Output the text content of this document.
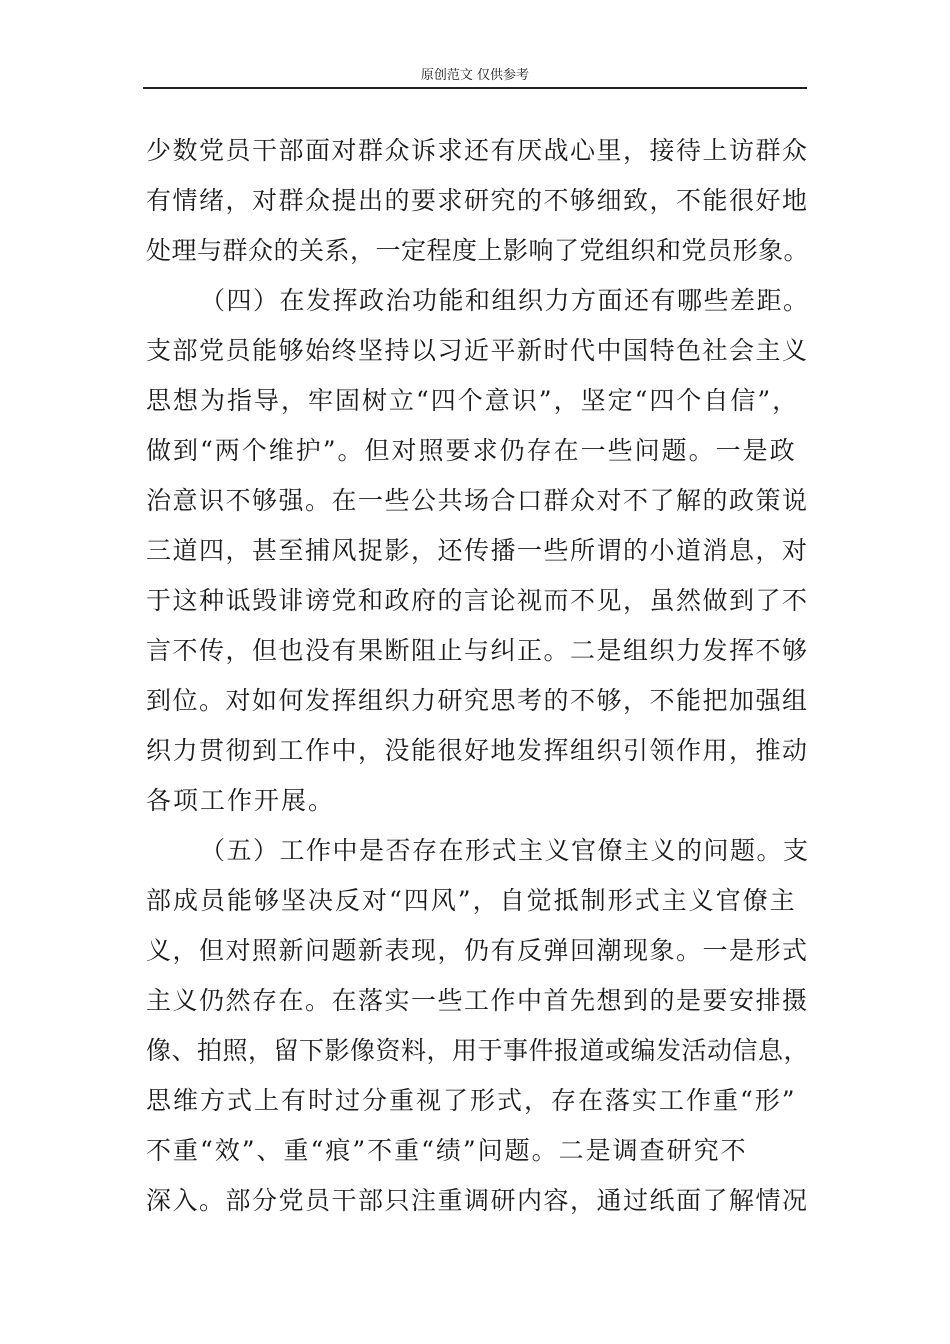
原创范文 仅供参考
少数党员干部面对群众诉求还有厌战心里，接待上访群众
有情绪，对群众提出的要求研究的不够细致，不能很好地
处理与群众的关系，一定程度上影响了党组织和党员形象。
（四）在发挥政治功能和组织力方面还有哪些差距。
支部党员能够始终坚持以习近平新时代中国特色社会主义
思想为指导，牢固树立“四个意识”，坚定“四个自信”，
做到“两个维护”。但对照要求仍存在一些问题。一是政
治意识不够强。在一些公共场合口群众对不了解的政策说
三道四，甚至捕风捉影，还传播一些所谓的小道消息，对
于这种诋毁诽谤党和政府的言论视而不见，虽然做到了不
言不传，但也没有果断阻止与纠正。二是组织力发挥不够
到位。对如何发挥组织力研究思考的不够，不能把加强组
织力贯彻到工作中，没能很好地发挥组织引领作用，推动
各项工作开展。
（五）工作中是否存在形式主义官僚主义的问题。支
部成员能够坚决反对“四风”，自觉抵制形式主义官僚主
义，但对照新问题新表现，仍有反弹回潮现象。一是形式
主义仍然存在。在落实一些工作中首先想到的是要安排摄
像、拍照，留下影像资料，用于事件报道或编发活动信息，
思维方式上有时过分重视了形式，存在落实工作重“形”
不重“效”、重“痕”不重“绩”问题。二是调查研究不
深入。部分党员干部只注重调研内容，通过纸面了解情况
